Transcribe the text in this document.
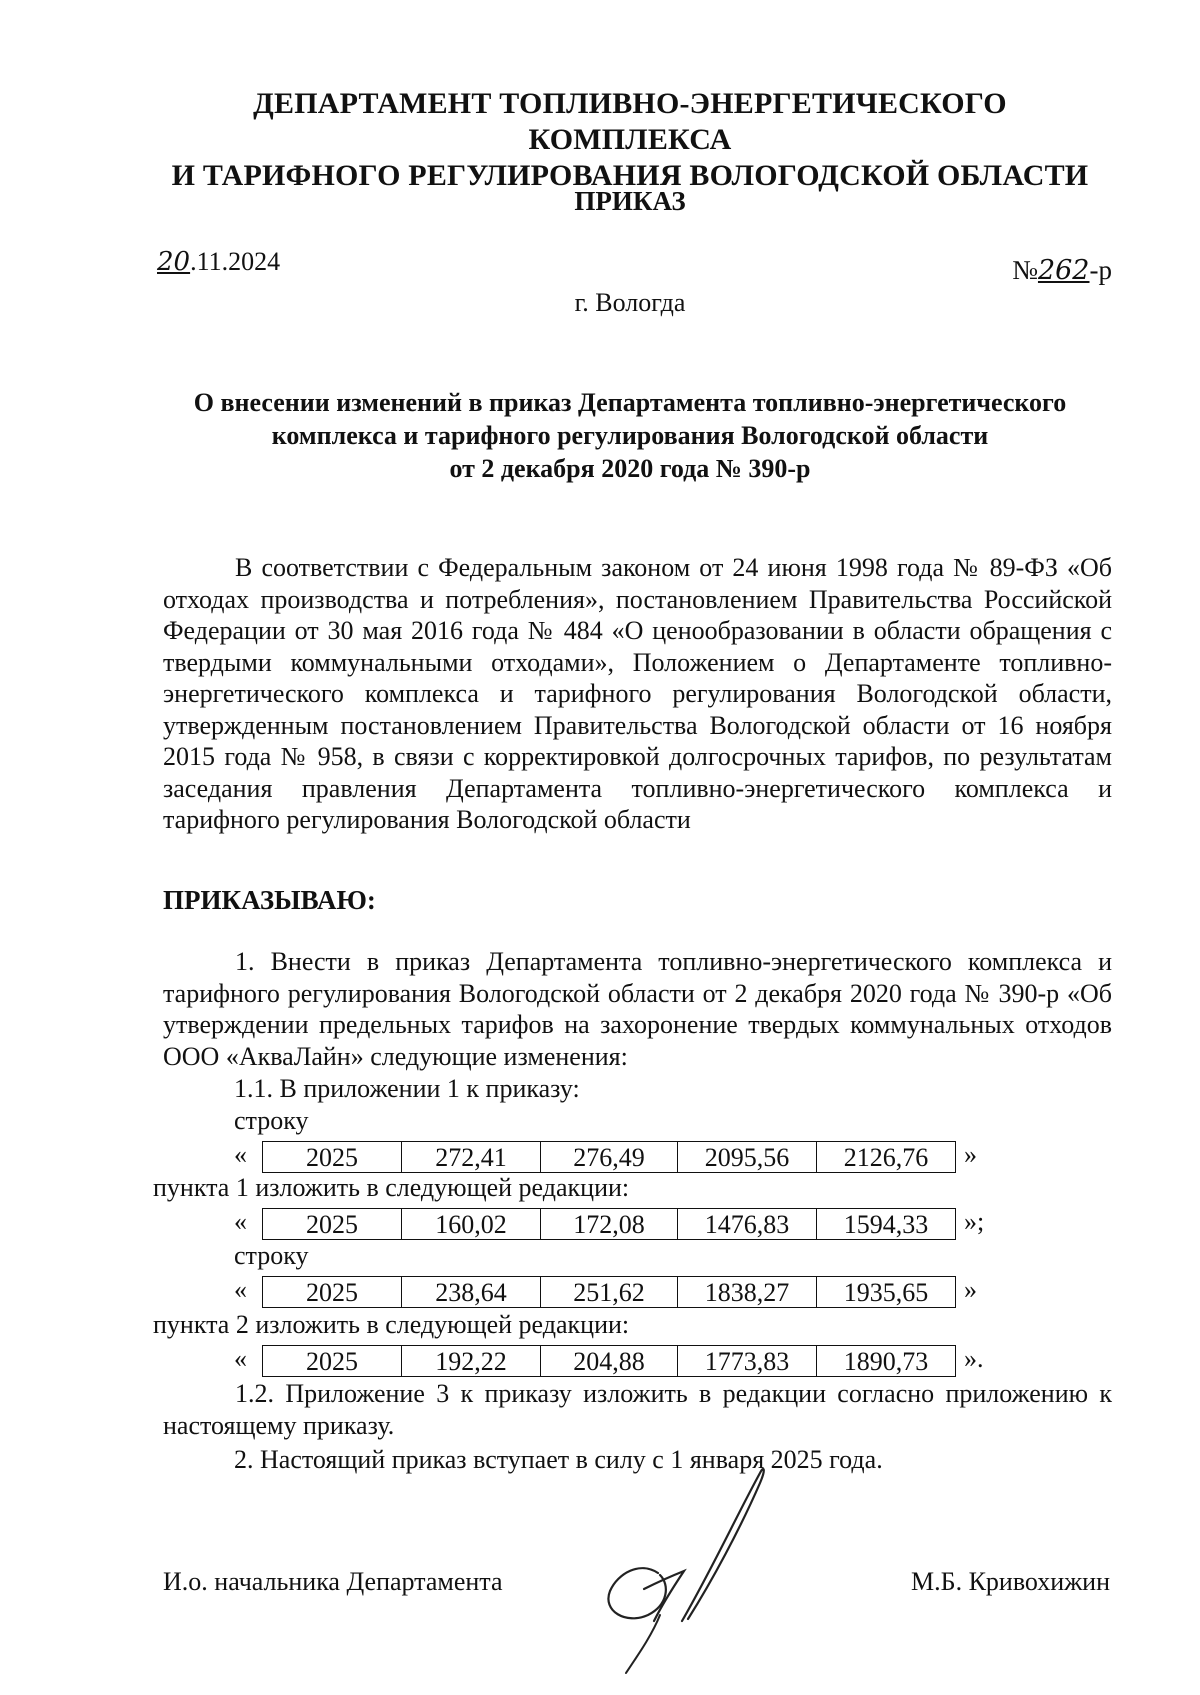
ДЕПАРТАМЕНТ ТОПЛИВНО-ЭНЕРГЕТИЧЕСКОГО КОМПЛЕКСА
И ТАРИФНОГО РЕГУЛИРОВАНИЯ ВОЛОГОДСКОЙ ОБЛАСТИ
ПРИКАЗ
20.11.2024	№262-р
г. Вологда
О внесении изменений в приказ Департамента топливно-энергетического
комплекса и тарифного регулирования Вологодской области
от 2 декабря 2020 года № 390-р
В соответствии с Федеральным законом от 24 июня 1998 года № 89-ФЗ «Об отходах производства и потребления», постановлением Правительства Российской Федерации от 30 мая 2016 года № 484 «О ценообразовании в области обращения с твердыми коммунальными отходами», Положением о Департаменте топливно-энергетического комплекса и тарифного регулирования Вологодской области, утвержденным постановлением Правительства Вологодской области от 16 ноября 2015 года № 958, в связи с корректировкой долгосрочных тарифов, по результатам заседания правления Департамента топливно-энергетического комплекса и тарифного регулирования Вологодской области
ПРИКАЗЫВАЮ:
1. Внести в приказ Департамента топливно-энергетического комплекса и тарифного регулирования Вологодской области от 2 декабря 2020 года № 390-р «Об утверждении предельных тарифов на захоронение твердых коммунальных отходов ООО «АкваЛайн» следующие изменения:
1.1. В приложении 1 к приказу:
строку
«	2025	272,41	276,49	2095,56	2126,76	»
пункта 1 изложить в следующей редакции:
«	2025	160,02	172,08	1476,83	1594,33	»;
строку
«	2025	238,64	251,62	1838,27	1935,65	»
пункта 2 изложить в следующей редакции:
«	2025	192,22	204,88	1773,83	1890,73	».
1.2. Приложение 3 к приказу изложить в редакции согласно приложению к настоящему приказу.
2. Настоящий приказ вступает в силу с 1 января 2025 года.
И.о. начальника Департамента	М.Б. Кривохижин
